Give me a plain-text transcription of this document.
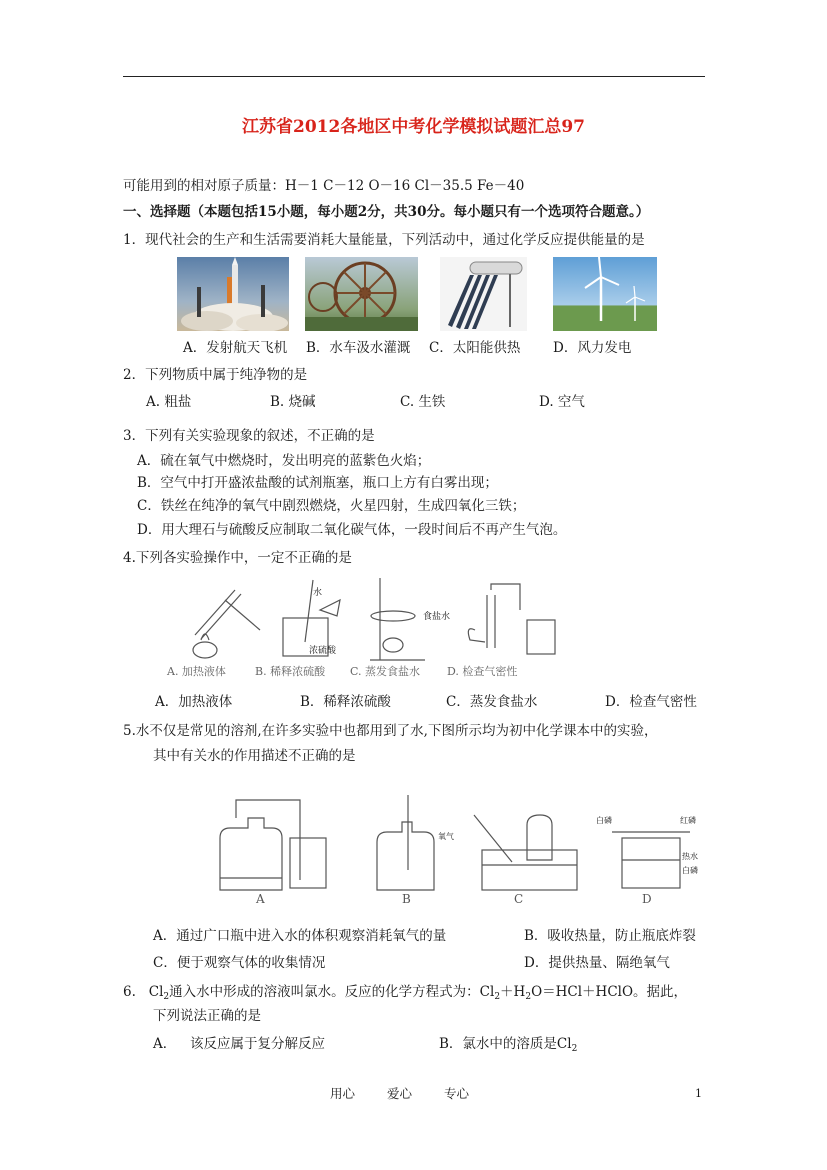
江苏省2012各地区中考化学模拟试题汇总97
可能用到的相对原子质量：H－1 C－12 O－16 Cl－35.5 Fe－40
一、选择题（本题包括15小题，每小题2分，共30分。每小题只有一个选项符合题意。）
1．现代社会的生产和生活需要消耗大量能量，下列活动中，通过化学反应提供能量的是
A．发射航天飞机 B．水车汲水灌溉 C．太阳能供热 D．风力发电
2．下列物质中属于纯净物的是
A. 粗盐	B. 烧碱	C. 生铁	D. 空气
3．下列有关实验现象的叙述，不正确的是
A．硫在氧气中燃烧时，发出明亮的蓝紫色火焰；
B．空气中打开盛浓盐酸的试剂瓶塞，瓶口上方有白雾出现；
C．铁丝在纯净的氧气中剧烈燃烧，火星四射，生成四氧化三铁；
D．用大理石与硫酸反应制取二氧化碳气体，一段时间后不再产生气泡。
4.下列各实验操作中，一定不正确的是
水
浓硫酸
食盐水
A. 加热液体	B. 稀释浓硫酸 C. 蒸发食盐水 D. 检查气密性
A．加热液体	B．稀释浓硫酸	C．蒸发食盐水	D．检查气密性
5.水不仅是常见的溶剂,在许多实验中也都用到了水,下图所示均为初中化学课本中的实验，
其中有关水的作用描述不正确的是
A	B	C	D
氧气
白磷	红磷
热水
白磷
A．通过广口瓶中进入水的体积观察消耗氧气的量	B．吸收热量，防止瓶底炸裂
C．便于观察气体的收集情况	D．提供热量、隔绝氧气
6. $Cl_2$通入水中形成的溶液叫氯水。反应的化学方程式为：$Cl_2+H_2O=HCl+HClO$。据此，
下列说法正确的是
A． 该反应属于复分解反应	B．氯水中的溶质是$Cl_2$
用心	爱心	专心	1
